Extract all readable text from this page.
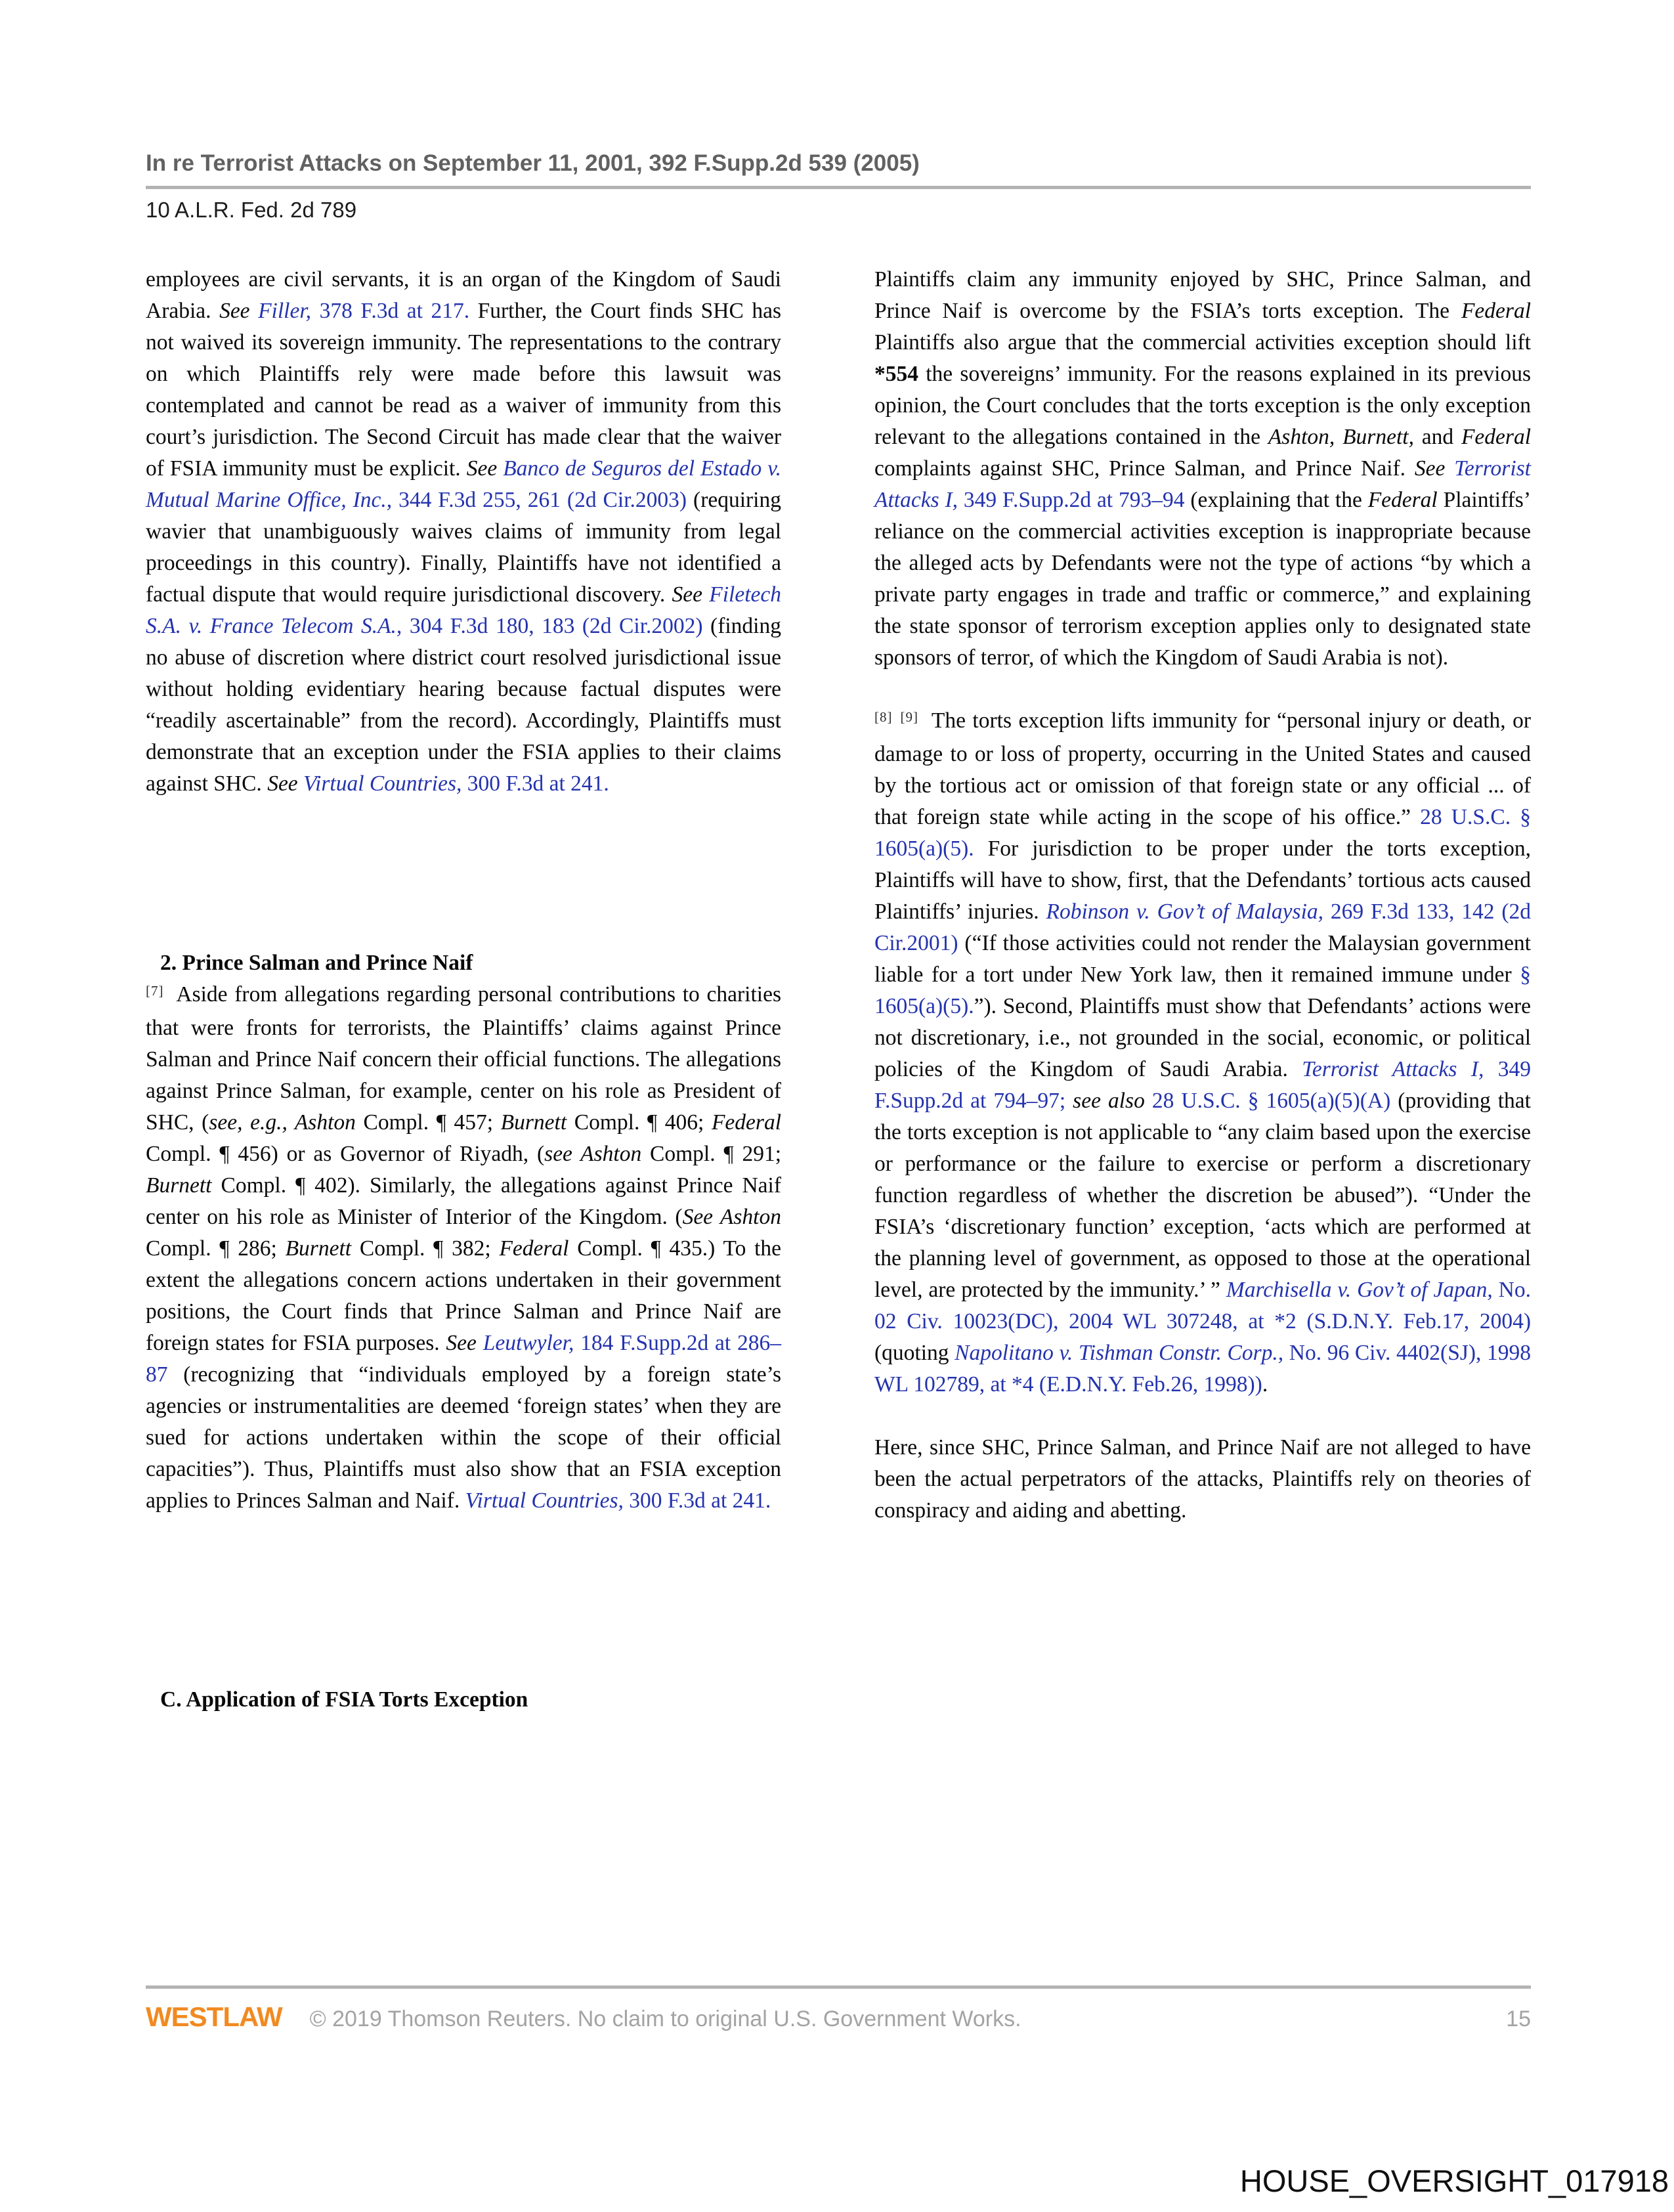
In re Terrorist Attacks on September 11, 2001, 392 F.Supp.2d 539 (2005)
10 A.L.R. Fed. 2d 789
employees are civil servants, it is an organ of the Kingdom of Saudi Arabia. See Filler, 378 F.3d at 217. Further, the Court finds SHC has not waived its sovereign immunity. The representations to the contrary on which Plaintiffs rely were made before this lawsuit was contemplated and cannot be read as a waiver of immunity from this court’s jurisdiction. The Second Circuit has made clear that the waiver of FSIA immunity must be explicit. See Banco de Seguros del Estado v. Mutual Marine Office, Inc., 344 F.3d 255, 261 (2d Cir.2003) (requiring wavier that unambiguously waives claims of immunity from legal proceedings in this country). Finally, Plaintiffs have not identified a factual dispute that would require jurisdictional discovery. See Filetech S.A. v. France Telecom S.A., 304 F.3d 180, 183 (2d Cir.2002) (finding no abuse of discretion where district court resolved jurisdictional issue without holding evidentiary hearing because factual disputes were “readily ascertainable” from the record). Accordingly, Plaintiffs must demonstrate that an exception under the FSIA applies to their claims against SHC. See Virtual Countries, 300 F.3d at 241.
2. Prince Salman and Prince Naif
[7] Aside from allegations regarding personal contributions to charities that were fronts for terrorists, the Plaintiffs’ claims against Prince Salman and Prince Naif concern their official functions. The allegations against Prince Salman, for example, center on his role as President of SHC, (see, e.g., Ashton Compl. ¶ 457; Burnett Compl. ¶ 406; Federal Compl. ¶ 456) or as Governor of Riyadh, (see Ashton Compl. ¶ 291; Burnett Compl. ¶ 402). Similarly, the allegations against Prince Naif center on his role as Minister of Interior of the Kingdom. (See Ashton Compl. ¶ 286; Burnett Compl. ¶ 382; Federal Compl. ¶ 435.) To the extent the allegations concern actions undertaken in their government positions, the Court finds that Prince Salman and Prince Naif are foreign states for FSIA purposes. See Leutwyler, 184 F.Supp.2d at 286–87 (recognizing that “individuals employed by a foreign state’s agencies or instrumentalities are deemed ‘foreign states’ when they are sued for actions undertaken within the scope of their official capacities”). Thus, Plaintiffs must also show that an FSIA exception applies to Princes Salman and Naif. Virtual Countries, 300 F.3d at 241.
C. Application of FSIA Torts Exception
Plaintiffs claim any immunity enjoyed by SHC, Prince Salman, and Prince Naif is overcome by the FSIA’s torts exception. The Federal Plaintiffs also argue that the commercial activities exception should lift *554 the sovereigns’ immunity. For the reasons explained in its previous opinion, the Court concludes that the torts exception is the only exception relevant to the allegations contained in the Ashton, Burnett, and Federal complaints against SHC, Prince Salman, and Prince Naif. See Terrorist Attacks I, 349 F.Supp.2d at 793–94 (explaining that the Federal Plaintiffs’ reliance on the commercial activities exception is inappropriate because the alleged acts by Defendants were not the type of actions “by which a private party engages in trade and traffic or commerce,” and explaining the state sponsor of terrorism exception applies only to designated state sponsors of terror, of which the Kingdom of Saudi Arabia is not).
[8] [9] The torts exception lifts immunity for “personal injury or death, or damage to or loss of property, occurring in the United States and caused by the tortious act or omission of that foreign state or any official ... of that foreign state while acting in the scope of his office.” 28 U.S.C. § 1605(a)(5). For jurisdiction to be proper under the torts exception, Plaintiffs will have to show, first, that the Defendants’ tortious acts caused Plaintiffs’ injuries. Robinson v. Gov’t of Malaysia, 269 F.3d 133, 142 (2d Cir.2001) (“If those activities could not render the Malaysian government liable for a tort under New York law, then it remained immune under § 1605(a)(5).”). Second, Plaintiffs must show that Defendants’ actions were not discretionary, i.e., not grounded in the social, economic, or political policies of the Kingdom of Saudi Arabia. Terrorist Attacks I, 349 F.Supp.2d at 794–97; see also 28 U.S.C. § 1605(a)(5)(A) (providing that the torts exception is not applicable to “any claim based upon the exercise or performance or the failure to exercise or perform a discretionary function regardless of whether the discretion be abused”). “Under the FSIA’s ‘discretionary function’ exception, ‘acts which are performed at the planning level of government, as opposed to those at the operational level, are protected by the immunity.’ ” Marchisella v. Gov’t of Japan, No. 02 Civ. 10023(DC), 2004 WL 307248, at *2 (S.D.N.Y. Feb.17, 2004) (quoting Napolitano v. Tishman Constr. Corp., No. 96 Civ. 4402(SJ), 1998 WL 102789, at *4 (E.D.N.Y. Feb.26, 1998)).
Here, since SHC, Prince Salman, and Prince Naif are not alleged to have been the actual perpetrators of the attacks, Plaintiffs rely on theories of conspiracy and aiding and abetting.
WESTLAW © 2019 Thomson Reuters. No claim to original U.S. Government Works.	15
HOUSE_OVERSIGHT_017918
